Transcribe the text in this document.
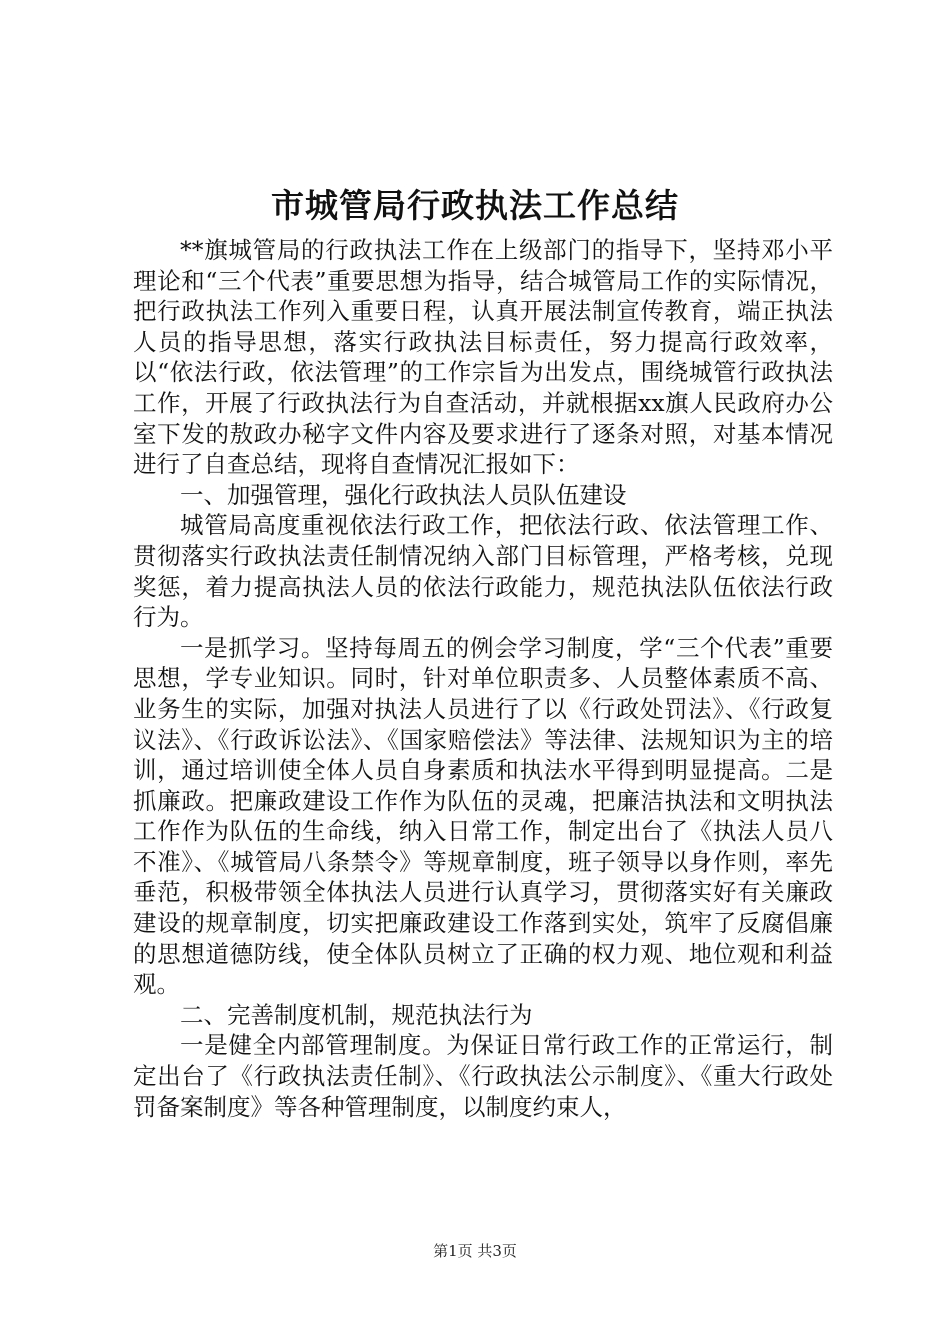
市城管局行政执法工作总结

**旗城管局的行政执法工作在上级部门的指导下，坚持邓小平理论和“三个代表”重要思想为指导，结合城管局工作的实际情况，把行政执法工作列入重要日程，认真开展法制宣传教育，端正执法人员的指导思想，落实行政执法目标责任，努力提高行政效率，以“依法行政，依法管理”的工作宗旨为出发点，围绕城管行政执法工作，开展了行政执法行为自查活动，并就根据xx旗人民政府办公室下发的敖政办秘字文件内容及要求进行了逐条对照，对基本情况进行了自查总结，现将自查情况汇报如下：

一、加强管理，强化行政执法人员队伍建设

城管局高度重视依法行政工作，把依法行政、依法管理工作、贯彻落实行政执法责任制情况纳入部门目标管理，严格考核，兑现奖惩，着力提高执法人员的依法行政能力，规范执法队伍依法行政行为。

一是抓学习。坚持每周五的例会学习制度，学“三个代表”重要思想，学专业知识。同时，针对单位职责多、人员整体素质不高、业务生的实际，加强对执法人员进行了以《行政处罚法》、《行政复议法》、《行政诉讼法》、《国家赔偿法》等法律、法规知识为主的培训，通过培训使全体人员自身素质和执法水平得到明显提高。二是抓廉政。把廉政建设工作作为队伍的灵魂，把廉洁执法和文明执法工作作为队伍的生命线，纳入日常工作，制定出台了《执法人员八不准》、《城管局八条禁令》等规章制度，班子领导以身作则，率先垂范，积极带领全体执法人员进行认真学习，贯彻落实好有关廉政建设的规章制度，切实把廉政建设工作落到实处，筑牢了反腐倡廉的思想道德防线，使全体队员树立了正确的权力观、地位观和利益观。

二、完善制度机制，规范执法行为

一是健全内部管理制度。为保证日常行政工作的正常运行，制定出台了《行政执法责任制》、《行政执法公示制度》、《重大行政处罚备案制度》等各种管理制度，以制度约束人，

第1页 共3页
